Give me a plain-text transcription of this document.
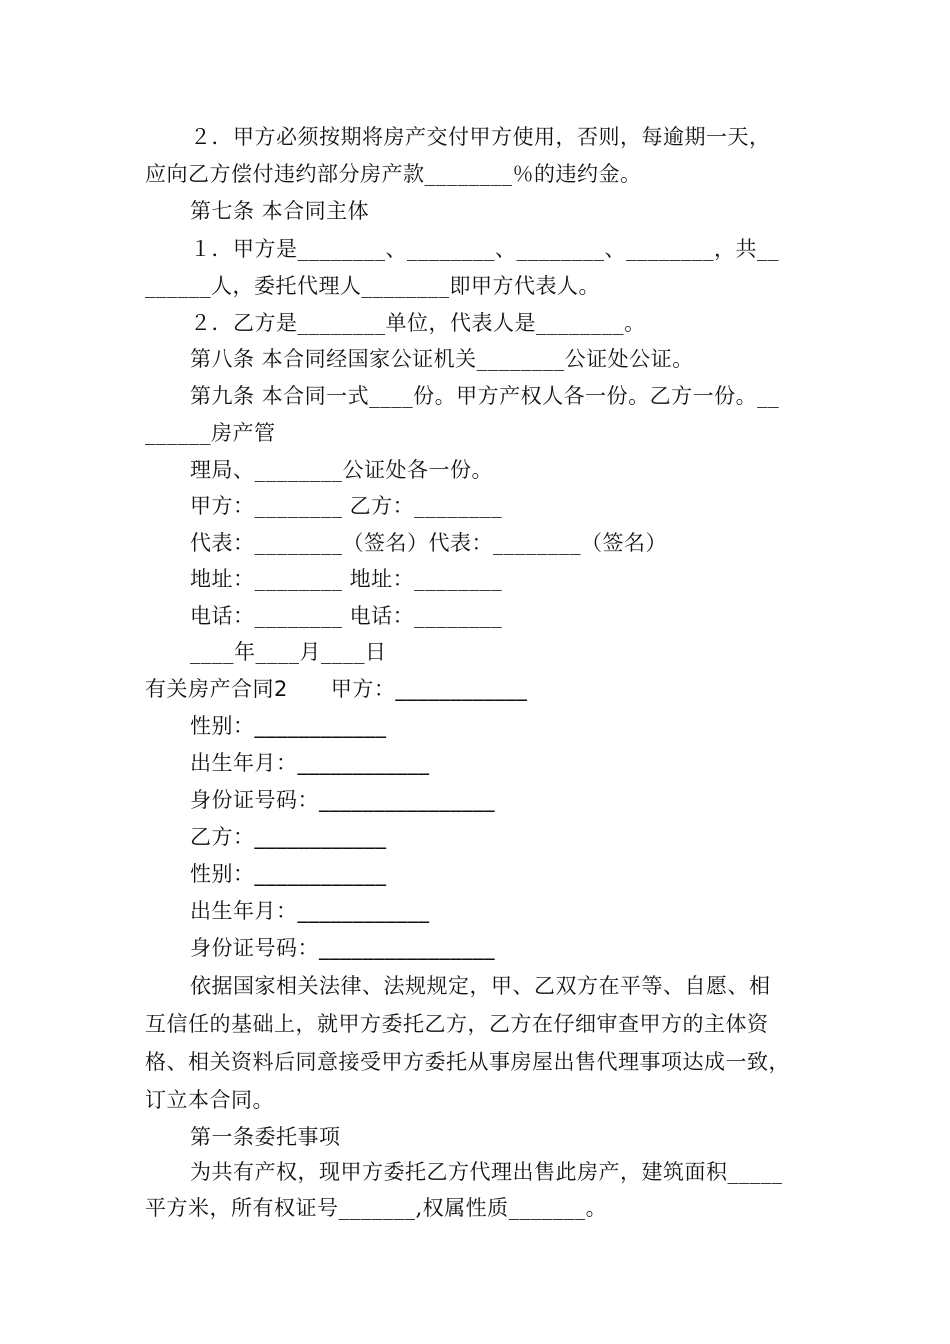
２．甲方必须按期将房产交付甲方使用，否则，每逾期一天，
应向乙方偿付违约部分房产款________％的违约金。
第七条 本合同主体
１．甲方是________、________、________、________，共__
______人，委托代理人________即甲方代表人。
２．乙方是________单位，代表人是________。
第八条 本合同经国家公证机关________公证处公证。
第九条 本合同一式____份。甲方产权人各一份。乙方一份。__
______房产管
理局、________公证处各一份。
甲方：________ 乙方：________
代表：________（签名）代表：________（签名）
地址：________ 地址：________
电话：________ 电话：________
____年____月____日
有关房产合同2　　甲方：____________
性别：____________
出生年月：____________
身份证号码：________________
乙方：____________
性别：____________
出生年月：____________
身份证号码：________________
依据国家相关法律、法规规定，甲、乙双方在平等、自愿、相
互信任的基础上，就甲方委托乙方，乙方在仔细审查甲方的主体资
格、相关资料后同意接受甲方委托从事房屋出售代理事项达成一致，
订立本合同。
第一条委托事项
为共有产权，现甲方委托乙方代理出售此房产，建筑面积_____
平方米，所有权证号_______,权属性质_______。
